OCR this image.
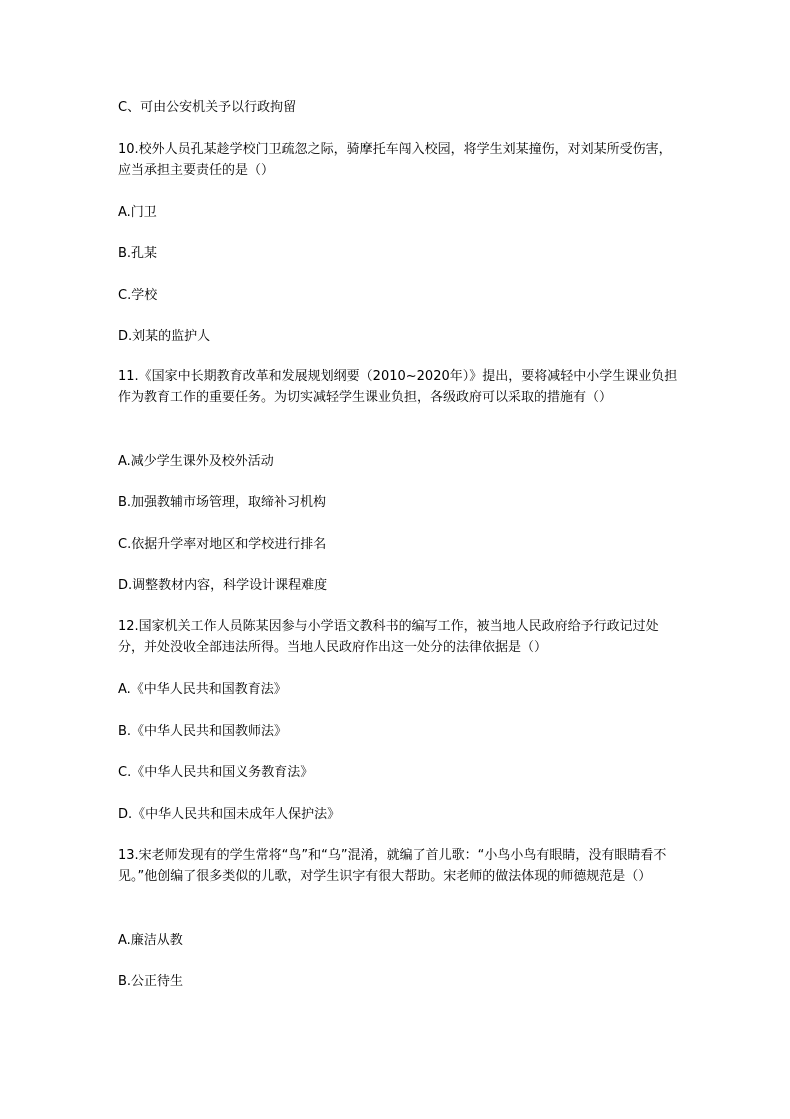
C、可由公安机关予以行政拘留
10.校外人员孔某趁学校门卫疏忽之际，骑摩托车闯入校园，将学生刘某撞伤，对刘某所受伤害，应当承担主要责任的是（）
A.门卫
B.孔某
C.学校
D.刘某的监护人
11.《国家中长期教育改革和发展规划纲要（2010~2020年）》提出，要将减轻中小学生课业负担作为教育工作的重要任务。为切实减轻学生课业负担，各级政府可以采取的措施有（）
A.减少学生课外及校外活动
B.加强教辅市场管理，取缔补习机构
C.依据升学率对地区和学校进行排名
D.调整教材内容，科学设计课程难度
12.国家机关工作人员陈某因参与小学语文教科书的编写工作，被当地人民政府给予行政记过处分，并处没收全部违法所得。当地人民政府作出这一处分的法律依据是（）
A.《中华人民共和国教育法》
B.《中华人民共和国教师法》
C.《中华人民共和国义务教育法》
D.《中华人民共和国未成年人保护法》
13.宋老师发现有的学生常将“鸟”和“乌”混淆，就编了首儿歌：“小鸟小鸟有眼睛，没有眼睛看不见。”他创编了很多类似的儿歌，对学生识字有很大帮助。宋老师的做法体现的师德规范是（）
A.廉洁从教
B.公正待生
